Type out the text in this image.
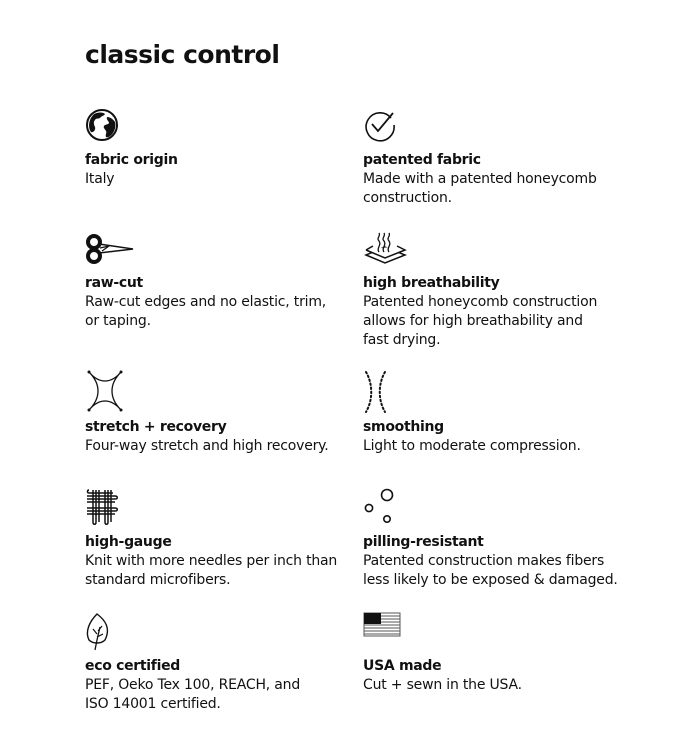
classic control
fabric origin
Italy
patented fabric
Made with a patented honeycomb
construction.
raw-cut
Raw-cut edges and no elastic, trim,
or taping.
high breathability
Patented honeycomb construction
allows for high breathability and
fast drying.
stretch + recovery
Four-way stretch and high recovery.
smoothing
Light to moderate compression.
high-gauge
Knit with more needles per inch than
standard microfibers.
pilling-resistant
Patented construction makes fibers
less likely to be exposed & damaged.
eco certified
PEF, Oeko Tex 100, REACH, and
ISO 14001 certified.
USA made
Cut + sewn in the USA.
